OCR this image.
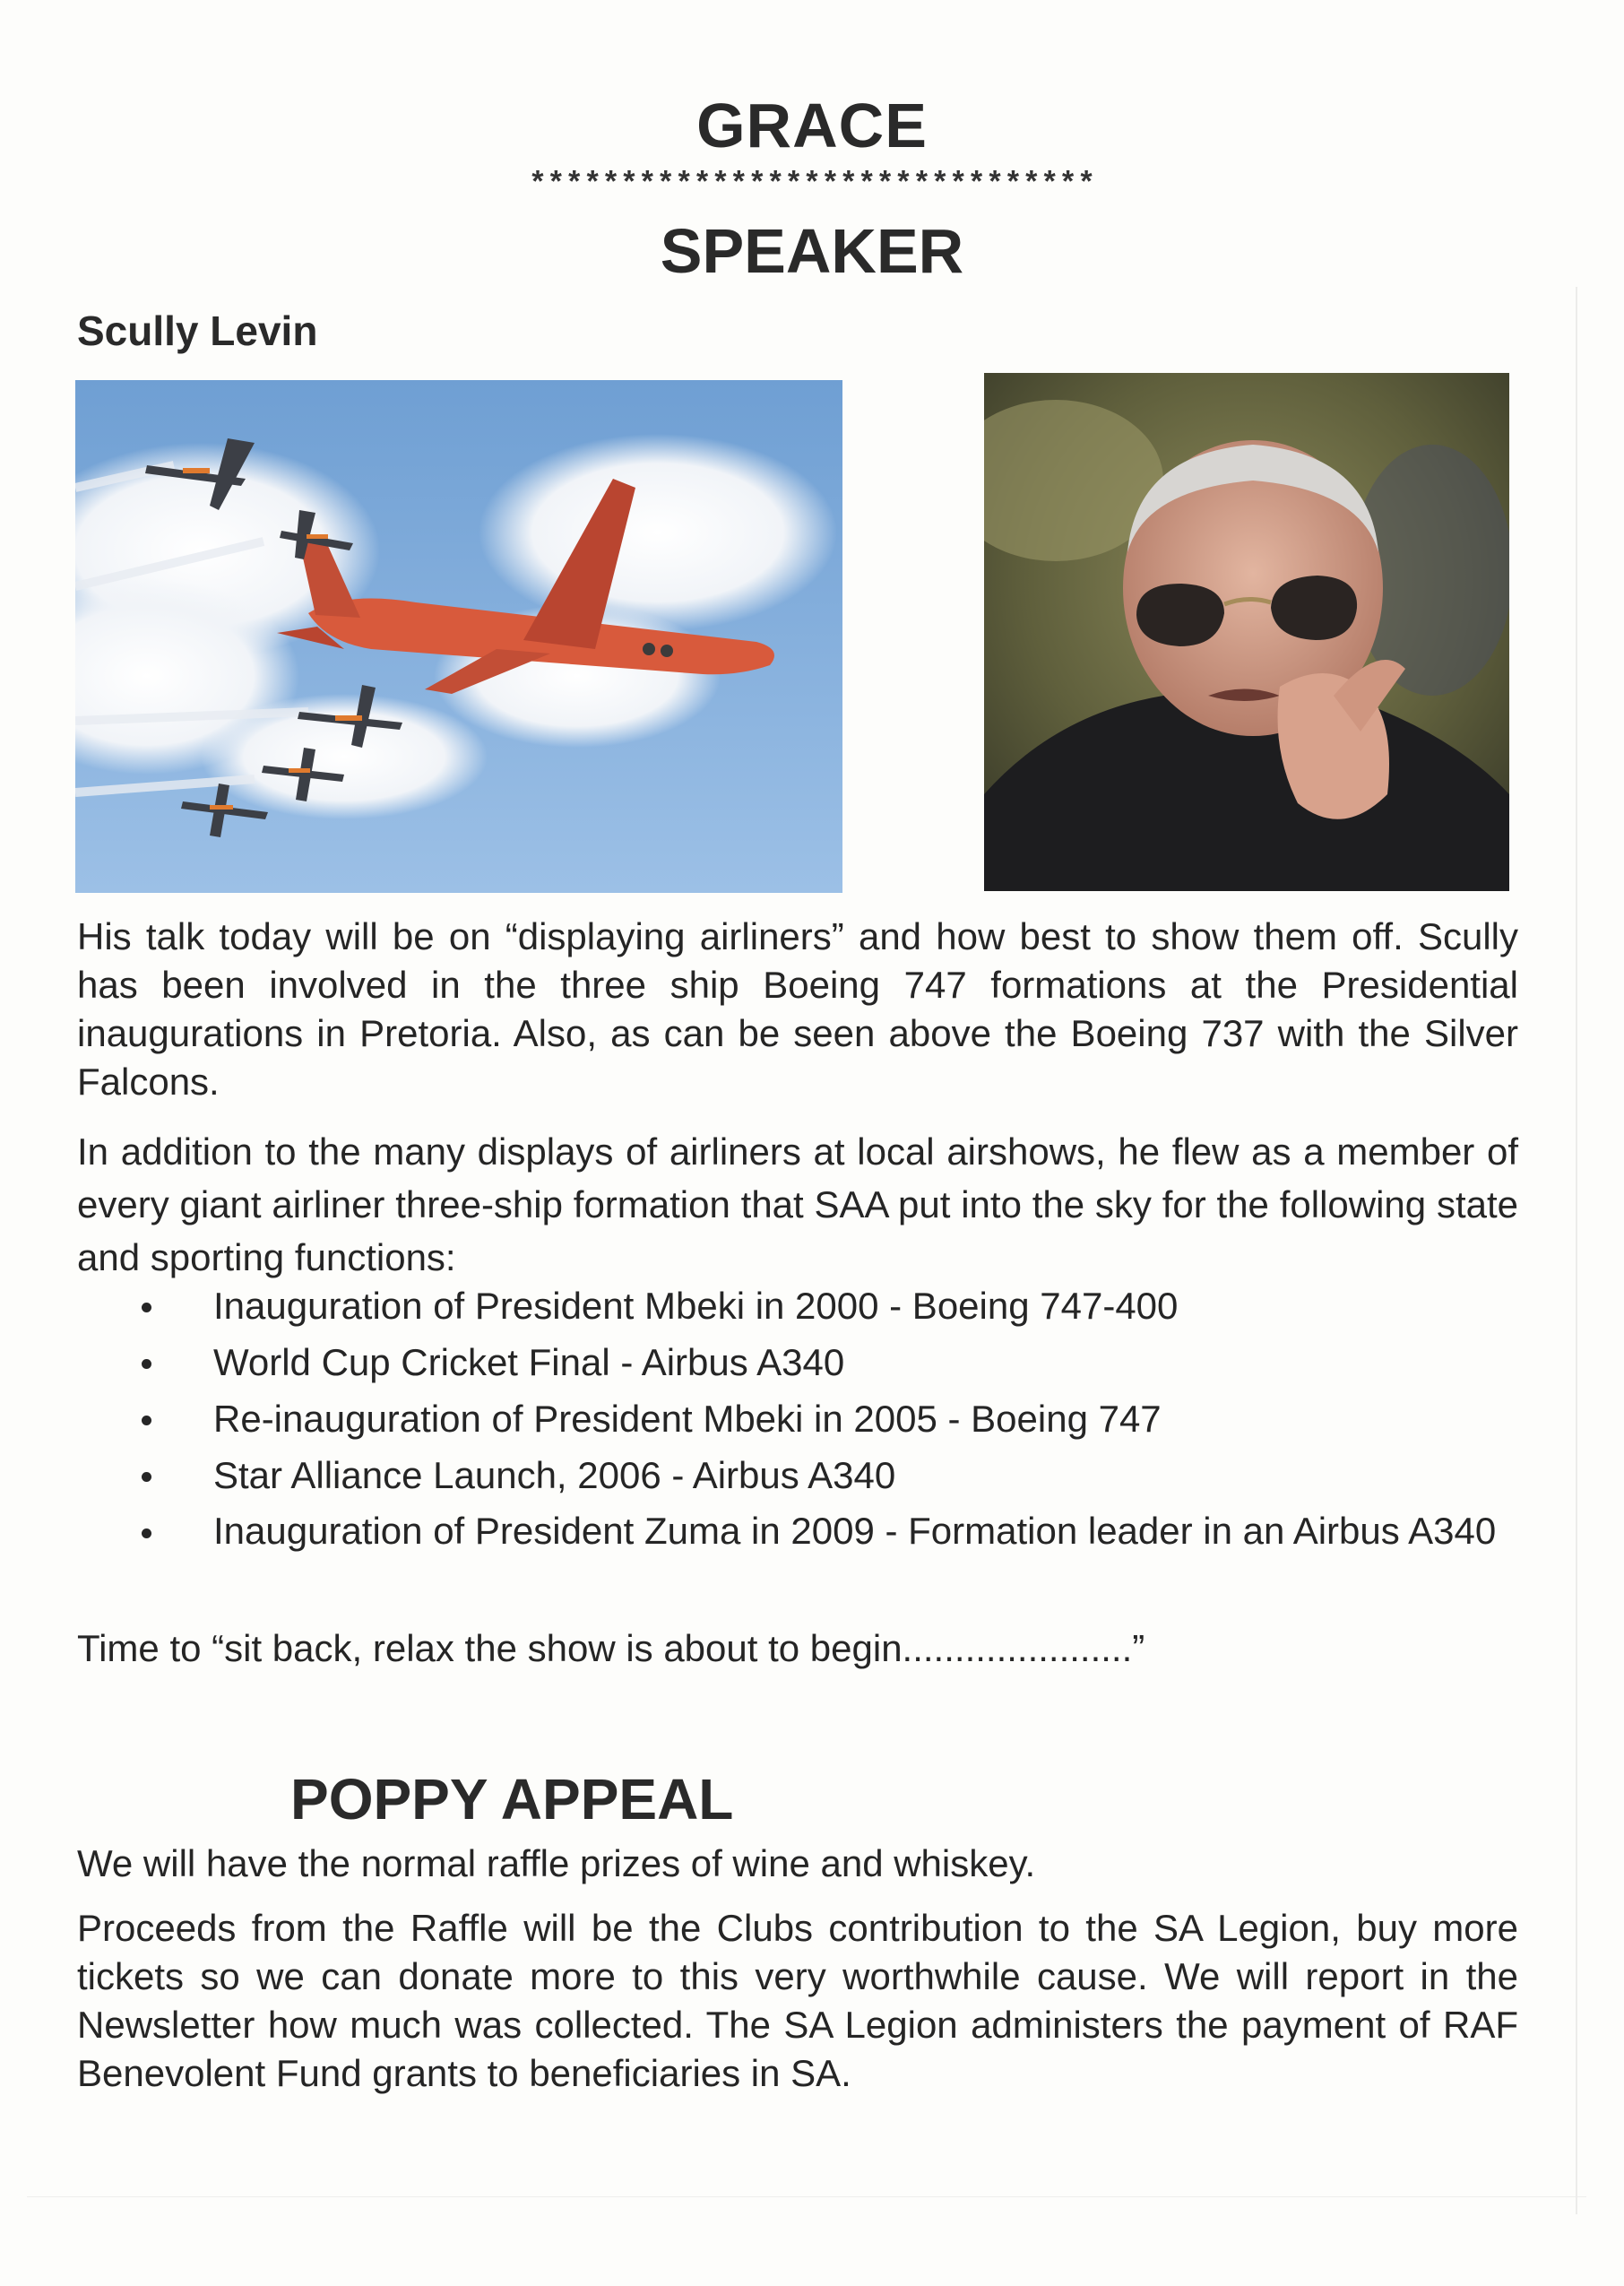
GRACE
*******************************
SPEAKER
Scully Levin
His talk today will be on “displaying airliners” and how best to show them off. Scully has been involved in the three ship Boeing 747 formations at the Presidential inaugurations in Pretoria. Also, as can be seen above the Boeing 737 with the Silver Falcons.
In addition to the many displays of airliners at local airshows, he flew as a member of every giant airliner three-ship formation that SAA put into the sky for the following state and sporting functions:
Inauguration of President Mbeki in 2000 - Boeing 747-400
World Cup Cricket Final - Airbus A340
Re-inauguration of President Mbeki in 2005 - Boeing 747
Star Alliance Launch, 2006 - Airbus A340
Inauguration of President Zuma in 2009 - Formation leader in an Airbus A340
Time to “sit back, relax the show is about to begin......................”
POPPY APPEAL
We will have the normal raffle prizes of wine and whiskey.
Proceeds from the Raffle will be the Clubs contribution to the SA Legion, buy more tickets so we can donate more to this very worthwhile cause. We will report in the Newsletter how much was collected. The SA Legion administers the payment of RAF Benevolent Fund grants to beneficiaries in SA.
